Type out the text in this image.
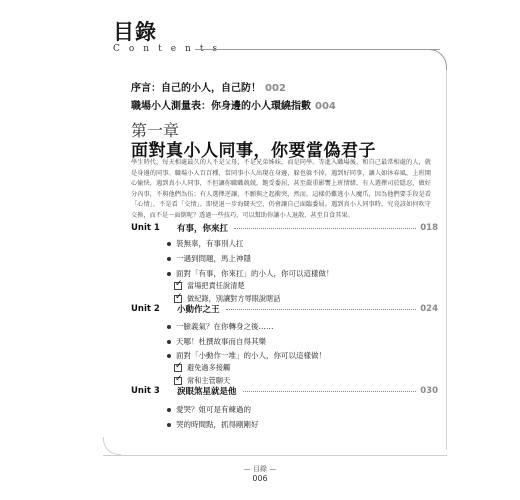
目錄
Contents
序言：自己的小人，自己防！ 002
職場小人測量表：你身邊的小人環繞指數 004
第一章
面對真小人同事，你要當偽君子
學生時代，每天相處最久的人不是父母，不是兄弟姊妹，而是同學。等進入職場後，和自己最常相處的人，就是身邊的同事。職場小人百百種，當同事小人出現在身邊，躲也躲不掉，遇到好同事，讓人如沐春風，上班開心愉快，遇到真小人同事，不但讓你職職兢兢，飽受委屈，甚至嚴重影響上班情緒，有人選擇司於隱忍，做好分內事，不與他們為伍；有人選擇逆讓，不願與之起衝突，然而，這樣仍難逃小人魔爪，因為他們要手段是看「心情」，不是看「交情」。即使退一步海闊天空，仍會讓自己面臨委屈。遇到真小人同事時，究竟該如何吹守交換，而不是一面倒呢？透過一些技巧，可以幫助你讓小人退散，甚至自食其果。
Unit 1	有事，你來扛	018
裝無辜，有事別人扛
一遇到問題，馬上神隱
面對「有事，你來扛」的小人，你可以這樣做！
✓
當場把責任說清楚
✓
做紀錄，別讓對方辱眼說瞎話
Unit 2	小動作之王	024
一臉義氣？在你轉身之後……
天哪！杜撰故事而自得其樂
面對「小動作一堆」的小人，你可以這樣做！
✓
避免過多接觸
✓
常和主管聊天
Unit 3	淚眼煞星就是他	030
愛哭？姐可是有練過的
哭的時間點，抓得剛剛好
— 目錄 —
006
